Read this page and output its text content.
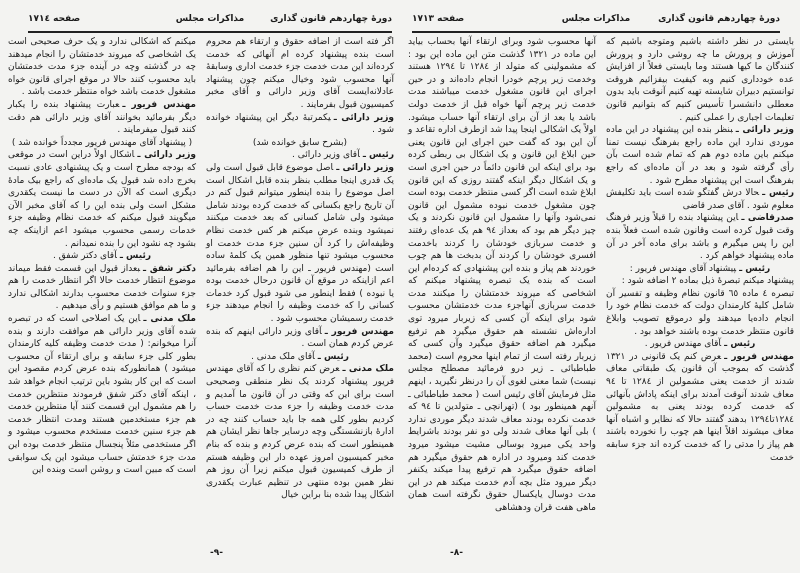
دورهٔ چهاردهم قانون گذاری
مذاکرات مجلس
صفحه ۱۷۱٤

اگر فته است از اضافه حقوق و ارتقاء هم محروم است بنده پیشنهاد کرده ام آنهائی که خدمت کرده‌اند این مدت خدمت جزء خدمت اداری وسابقهٔ آنها محسوب شود وخیال میکنم چون پیشنهاد عادلانه‌ایست آقای وزیر دارائی و آقای مخبر کمیسیون قبول بفرمایند .

وزیر دارائی ـیکمرتبهٔ دیگر این پیشنهاد خوانده شود .

(بشرح سابق خوانده شد)

رئیس ـآقای وزیر دارائی .

وزیر دارائی ـاصل موضوع قابل قبول است ولی یک قدری اینجا مطلب بنظر بنده قابل اشکال است اصل موضوع را بنده اینطور میتوانم قبول کنم در آن تاریخ راجع بکسانی که خدمت کرده بودند شامل میشود ولی شامل کسانی که بعد خدمت میکنند نمیشود وبنده عرض میکنم هر کس خدمت نظام وظیفه‌اش را کرد آن سنین جزء مدت خدمت او محسوب میشود تنها منظور همین یک کلمهٔ ساده است (مهندس فریور ـ این را هم اضافه بفرمائید اعم ازاینکه در موقع آن قانون درحال خدمت بوده یا نبوده ) فقط اینطور می شود قبول کرد خدمات کسانی را که خدمت وظیفه را انجام میدهند جزء خدمت رسمیشان محسوب شود .

مهندس فریور ـآقای وزیر دارائی اینهم که بنده عرض کردم همان است .

رئیس ـآقای ملک مدنی .

ملک مدنی ـعرض کنم نظری را که آقای مهندس فریور پیشنهاد کردند یک نظر منطقی وصحیحی است برای این که وقتی در آن قانون ما آمدیم و مدت خدمت وظیفه را جزء مدت خدمت حساب کردیم بطور کلی همه جا باید حساب کنند چه در ادارهٔ بازنشستگی وچه درسایر جاها نظر ایشان هم همینطور است که بنده عرض کردم و بنده که بنام مخبر کمیسیون امروز عهده دار این وظیفه هستم از طرف کمیسیون قبول میکنم زیرا آن روز هم نظر همین بوده منتهی در تنظیم عبارت یکقدری اشکال پیدا شده بنا براین خیال

میکنم که اشکالی ندارد و یک حرف صحیحی است یک اشخاصی که میروند خدمتشان را انجام میدهند چه در گذشته وچه در آینده جزء مدت خدمتشان باید محسوب کنند حالا در موقع اجرای قانون خواه مشغول خدمت باشد خواه منتظر خدمت باشد .

مهندس فریور ـعبارت پیشنهاد بنده را یکبار دیگر بفرمائید بخوانند آقای وزیر دارائی هم دقت کنند قبول میفرمایند .

( پیشنهاد آقای مهندس فریور مجدداً خوانده شد )

وزیر دارائی ـاشکال اولاً دراین است در موقعی که بودجه مطرح است و یک پیشنهادی عادی نسبت بخرج داده شد قبول یک ماده‌ای که راجع بیک مادهٔ دیگری است که الآن در دست ما نیست یکقدری مشکل است ولی بنده این را که آقای مخبر الآن میگویند قبول میکنم که خدمت نظام وظیفه جزء خدمات رسمی محسوب میشود اعم ازاینکه چه بشود چه نشود این را بنده نمیدانم .

رئیس ـآقای دکتر شفق .

دکتر شفق ـبعداز قبول این قسمت فقط میماند موضوع انتظار خدمت حالا اگر انتظار خدمت را هم جزء سنوات خدمت محسوب بدارند اشکالی ندارد و ما هم موافق هستیم و رأی میدهیم .

ملک مدنی ـاین یک اصلاحی است که در تبصره شده آقای وزیر دارائی هم موافقت دارند و بنده آنرا میخوانم: ( مدت خدمت وظیفه کلیه کارمندان بطور کلی جزء سابقه و برای ارتقاء آن محسوب میشود ) همانطورکه بنده عرض کردم مقصود این است که این کار بشود باین ترتیب انجام خواهد شد ، اینکه آقای دکتر شفق فرمودند منتظرین خدمت را هم مشمول این قسمت کنند آیا منتظرین خدمت هم جزء مستخدمین هستند ومدت انتظار خدمت هم جزء سنین خدمت مستخدم محسوب میشود و اگر مستخدمی مثلاً پنجسال منتظر خدمت بوده این مدت جزء خدمتش حساب میشود این یک سوابقی است که مبین است و روشن است وبنده این

-۹-
دورهٔ چهاردهم قانون گذاری
مذاکرات مجلس
صفحه ۱۷۱۳

بایستی در نظر داشته باشیم ومتوجه باشیم که آموزش و پرورش ما چه روشی دارد و پرورش کنندگان ما کیها هستند وما بایستی فعلاً از افزایش عده خودداری کنیم وبه کیفیت بیفزائیم هروقت توانستیم دبیران شایسته تهیه کنیم آنوقت باید بدون معطلی دانشسرا تأسیس کنیم که بتوانیم قانون تعلیمات اجباری را عملی کنیم .

وزیر دارائی ـبنظر بنده این پیشنهاد در این ماده موردی ندارد این ماده راجع بفرهنگ نیست تمنا میکنم باین ماده دوم هم که تمام شده است بآن رأی گرفته شود و بعد در آن ماده‌ای که راجع بفرهنگ است این پیشنهاد مطرح شود .

رئیس ـحالا درش گفتگو شده است باید تکلیفش معلوم شود . آقای صدر قاضی

صدرقاضی ـاین پیشنهاد بنده را قبلاً وزیر فرهنگ وقت قبول کرده است وقانون شده است فعلاً بنده این را پس میگیرم و باشد برای ماده آخر در آن ماده پیشنهاد خواهم کرد .

رئیس ـپیشنهاد آقای مهندس فریور :

پیشنهاد میکنم تبصرهٔ ذیل بماده ۲ اضافه شود :

تبصره ٤ ماده ٦٥ قانون نظام وظیفه و تفسیر آن شامل کلیهٔ کارمندان دولت که خدمت نظام خود را انجام داده‌یا میدهند ولو درموقع تصویب وابلاغ قانون منتظر خدمت بوده باشند خواهد بود .

رئیس ـآقای مهندس فریور .

مهندس فریور ـعرض کنم یک قانونی در ۱۳۲۱ گذشت که بموجب آن قانون یک طبقاتی معاف شدند از خدمت یعنی مشمولین از ۱۲۸٤ تا ۹٤ معاف شدند آنوقت آمدند برای اینکه پاداش بآنهائی که خدمت کرده بودند یعنی به مشمولین ۱۲۸٤تا۱۲۹٤ بدهند گفتند حالا که نظایر و اشباه آنها معاف میشوند اقلاً اینها هم چوب را نخورده باشند هم پیاز را مدتی را که خدمت کرده اند جزء سابقه خدمت

آنها محسوب شود وبرای ارتقاء آنها بحساب بیاید این ماده در ۱۳۲۱ گذشت متن این ماده این بود : که مشمولینی که متولد از ۱۲۸٤ تا ۱۲۹٤ هستند وخدمت زیر پرچم خودرا انجام داده‌اند و در حین اجرای این قانون مشغول خدمت میباشند مدت خدمت زیر پرچم آنها خواه قبل از خدمت دولت باشد یا بعد از آن برای ارتقاء آنها حساب میشود. اولاً یک اشکالی اینجا پیدا شد ازطرف اداره تقاعد و آن این بود که گفت حین اجرای این قانون یعنی حین ابلاغ این قانون و یک اشکال بی ربطی کرده بود برای اینکه این قانون دائماً در حین اجری است و یک اشکال دیگر اینکه گفتند روزی که این قانون ابلاغ شده است اگر کسی منتظر خدمت بوده است چون مشغول خدمت نبوده مشمول این قانون نمی‌شود وآنها را مشمول این قانون نکردند و یک چیز دیگر هم بود که بعداز ۹٤ هم یک عده‌ای رفتند و خدمت سربازی خودشان را کردند باخدمت افسری خودشان را کردند آن بدبخت ها هم چوب خوردند هم پیاز و بنده این پیشنهادی که کرده‌ام این است که بنده یک تبصره پیشنهاد میکنم که اشخاصی که میروند خدمتشان را میکنند مدت خدمت سربازی آنهاجزء مدت خدمتشان محسوب شود برای اینکه آن کسی که زیربار میرود توی اداره‌اش نشسته هم حقوق میگیرد هم ترفیع میگیرد هم اضافه حقوق میگیرد وآن کسی که زیربار رفته است از تمام اینها محروم است (محمد طباطبائی ـ زیر درو فرمائید مصطلح مجلس نیست) شما معنی لغوی آن را درنظر نگیرید ، اینهم مثل فرمایش آقای رئیس است ( محمد طباطبائی ـ آنهم همینطور بود ) (تهرانچی ـ متولدین تا ۹٤ که خدمت نکرده بودند معاف شدند دیگر موردی ندارد ) بلی آنها معاف شدند ولی دو نفر بودند باشرایط واحد یکی میرود بوسالی مشیت میشود میرود خدمت کند ومیرود در اداره هم حقوق میگیرد هم اضافه حقوق میگیرد هم ترفیع پیدا میکند یکنفر دیگر میرود مثل بچه آدم خدمت میکند هم در این مدت دوسال یایکسال حقوق نگرفته است همان ماهی هفت قران ودهشاهی

-۸-
